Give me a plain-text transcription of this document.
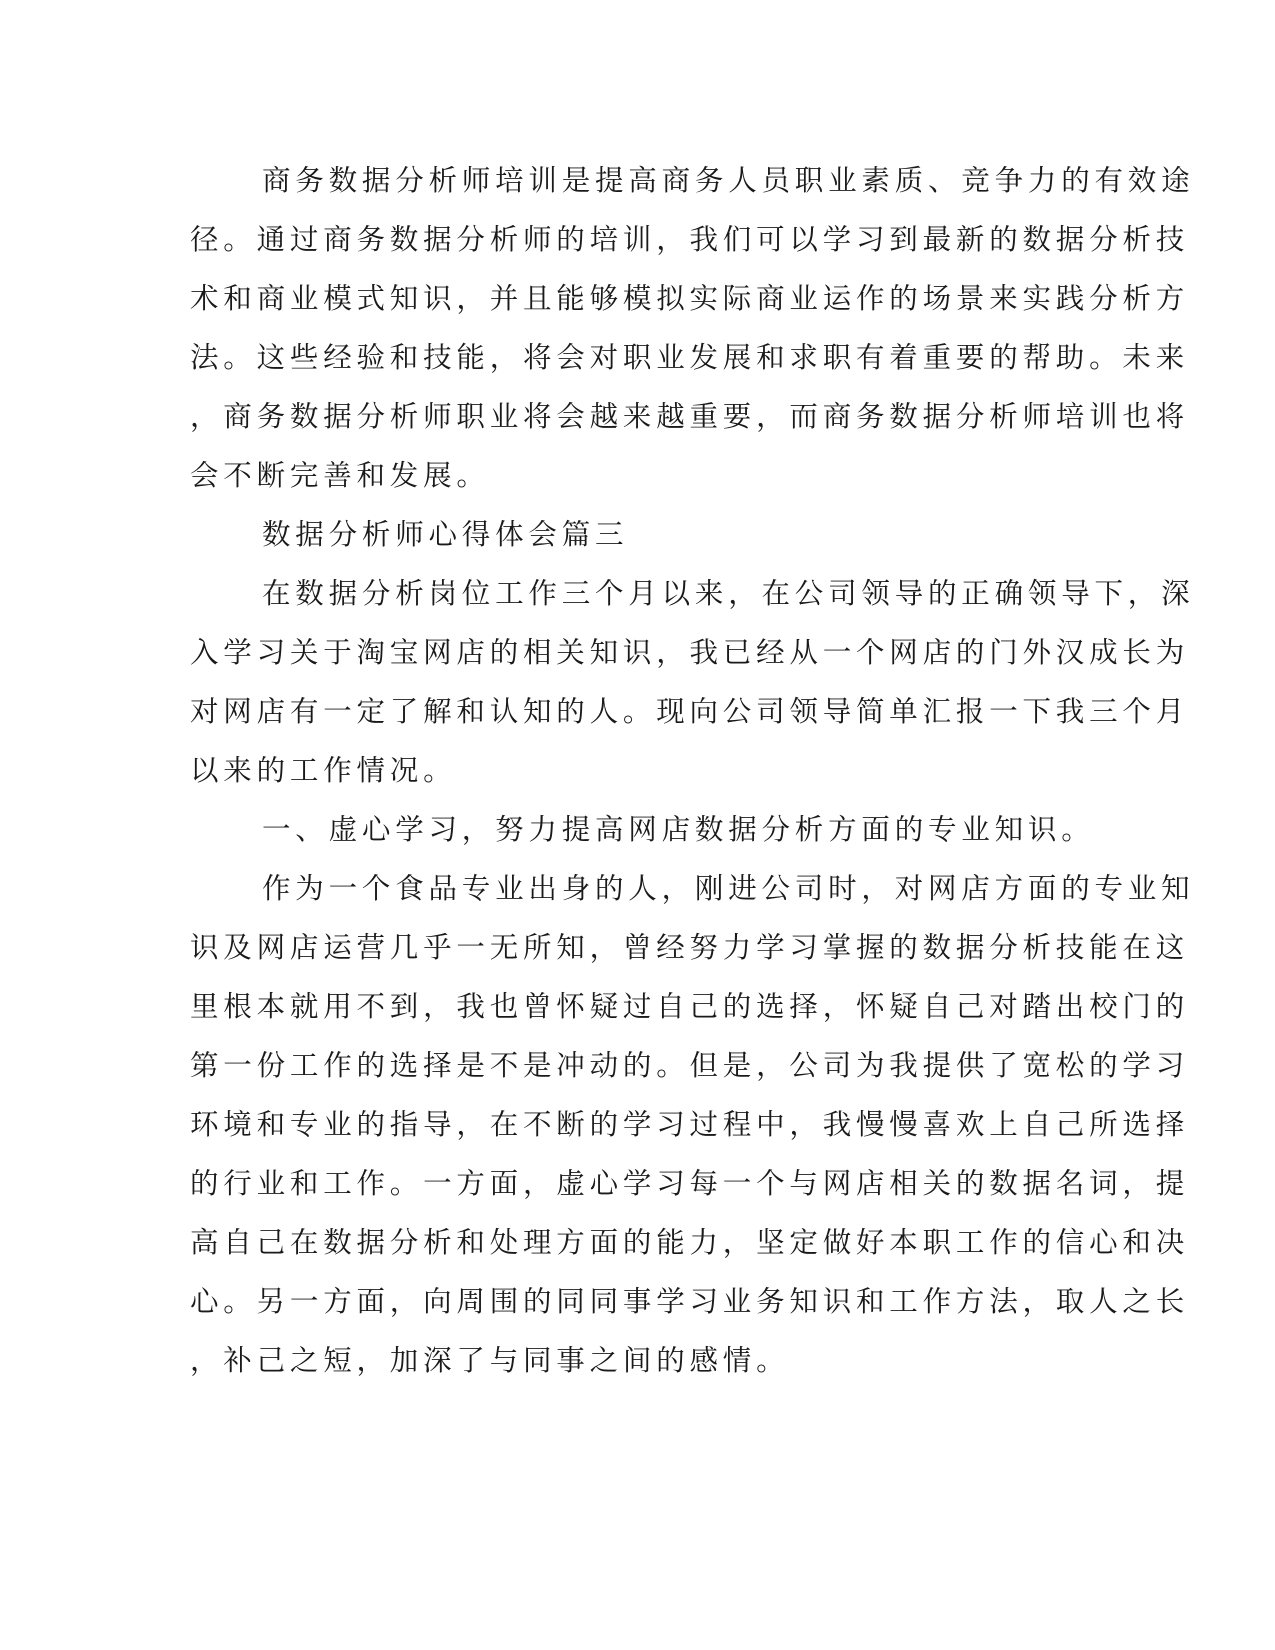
商务数据分析师培训是提高商务人员职业素质、竞争力的有效途

径。通过商务数据分析师的培训，我们可以学习到最新的数据分析技

术和商业模式知识，并且能够模拟实际商业运作的场景来实践分析方

法。这些经验和技能，将会对职业发展和求职有着重要的帮助。未来

，商务数据分析师职业将会越来越重要，而商务数据分析师培训也将

会不断完善和发展。

数据分析师心得体会篇三

在数据分析岗位工作三个月以来，在公司领导的正确领导下，深

入学习关于淘宝网店的相关知识，我已经从一个网店的门外汉成长为

对网店有一定了解和认知的人。现向公司领导简单汇报一下我三个月

以来的工作情况。

一、虚心学习，努力提高网店数据分析方面的专业知识。

作为一个食品专业出身的人，刚进公司时，对网店方面的专业知

识及网店运营几乎一无所知，曾经努力学习掌握的数据分析技能在这

里根本就用不到，我也曾怀疑过自己的选择，怀疑自己对踏出校门的

第一份工作的选择是不是冲动的。但是，公司为我提供了宽松的学习

环境和专业的指导，在不断的学习过程中，我慢慢喜欢上自己所选择

的行业和工作。一方面，虚心学习每一个与网店相关的数据名词，提

高自己在数据分析和处理方面的能力，坚定做好本职工作的信心和决

心。另一方面，向周围的同同事学习业务知识和工作方法，取人之长

，补己之短，加深了与同事之间的感情。
